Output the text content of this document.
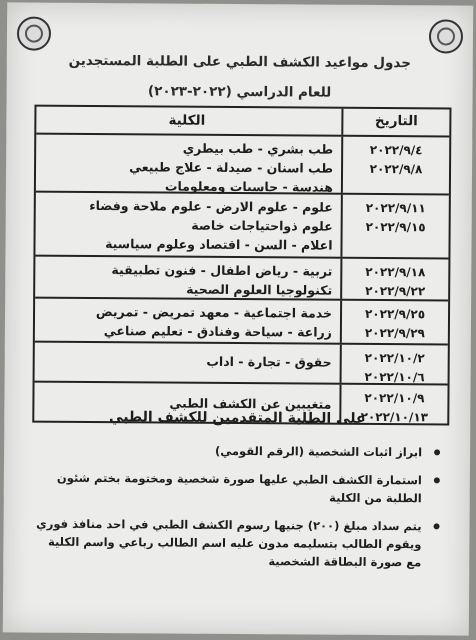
جدول مواعيد الكشف الطبي على الطلبة المستجدين
للعام الدراسي (٢٠٢٢-٢٠٢٣)
التاريخ
الكلية
٢٠٢٢/٩/٤
٢٠٢٢/٩/٨
طب بشري - طب بيطري
طب اسنان - صيدلة - علاج طبيعي
هندسة - حاسبات ومعلومات
٢٠٢٢/٩/١١
٢٠٢٢/٩/١٥
علوم - علوم الارض - علوم ملاحة وفضاء
علوم ذواحتياجات خاصة
اعلام - السن - اقتصاد وعلوم سياسية
٢٠٢٢/٩/١٨
٢٠٢٢/٩/٢٢
تربية - رياض اطفال - فنون تطبيقية
تكنولوجيا العلوم الصحية
٢٠٢٢/٩/٢٥
٢٠٢٢/٩/٢٩
خدمة اجتماعية - معهد تمريض - تمريض
زراعة - سياحة وفنادق - تعليم صناعي
٢٠٢٢/١٠/٢
٢٠٢٢/١٠/٦
حقوق - تجارة - اداب
٢٠٢٢/١٠/٩
٢٠٢٢/١٠/١٣
متغيبين عن الكشف الطبي
على الطلبة المتقدمين للكشف الطبي
ابراز اثبات الشخصية (الرقم القومي)
استمارة الكشف الطبي عليها صورة شخصية ومختومة بختم شئون الطلبة من الكلية
يتم سداد مبلغ (٢٠٠) جنيها رسوم الكشف الطبي في احد منافذ فوري ويقوم الطالب بتسليمه مدون عليه اسم الطالب رباعي واسم الكلية مع صورة البطاقة الشخصية
